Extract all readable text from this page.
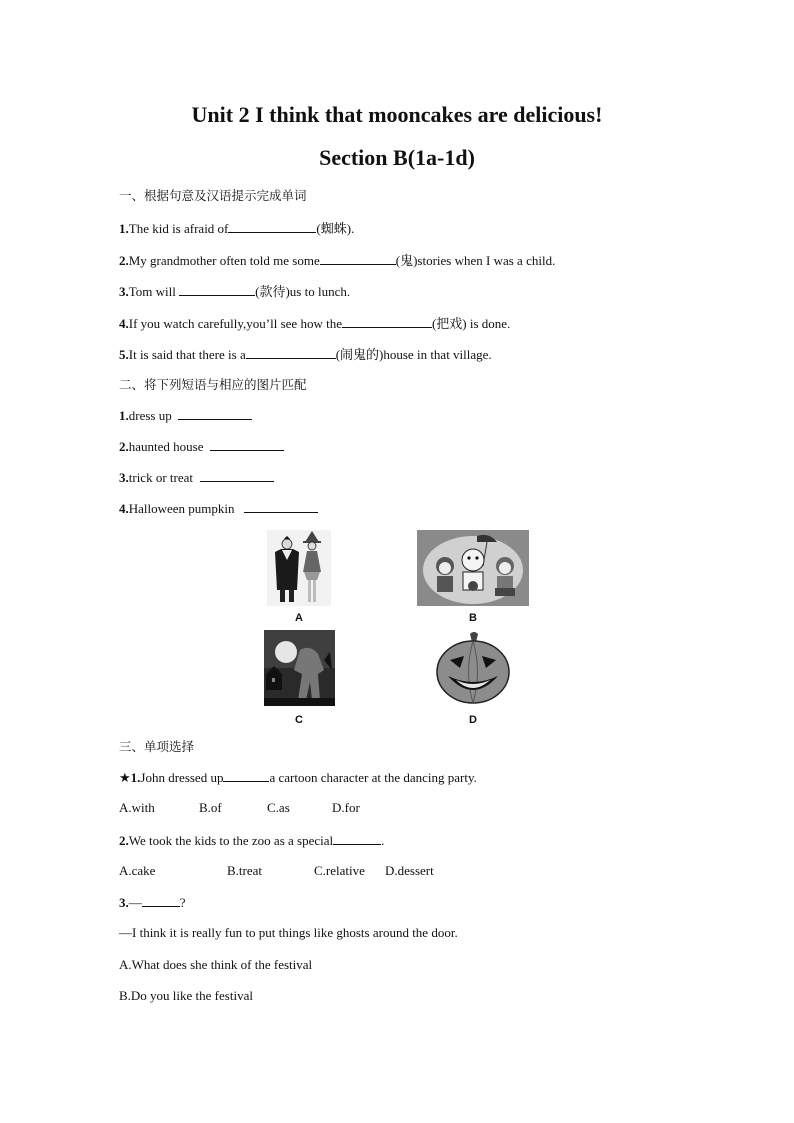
Unit 2 I think that mooncakes are delicious!
Section B(1a-1d)
一、根据句意及汉语提示完成单词
1.The kid is afraid of	(蜘蛛).
2.My grandmother often told me some	(鬼)stories when I was a child.
3.Tom will	(款待)us to lunch.
4.If you watch carefully,you’ll see how the	(把戏) is done.
5.It is said that there is a	(闹鬼的)house in that village.
二、将下列短语与相应的图片匹配
1.dress up
2.haunted house
3.trick or treat
4.Halloween pumpkin
A	B
C	D
三、单项选择
★1.John dressed up	a cartoon character at the dancing party.
A.with	B.of	C.as	D.for
2.We took the kids to the zoo as a special	.
A.cake	B.treat	C.relative D.dessert
3.—	?
—I think it is really fun to put things like ghosts around the door.
A.What does she think of the festival
B.Do you like the festival
